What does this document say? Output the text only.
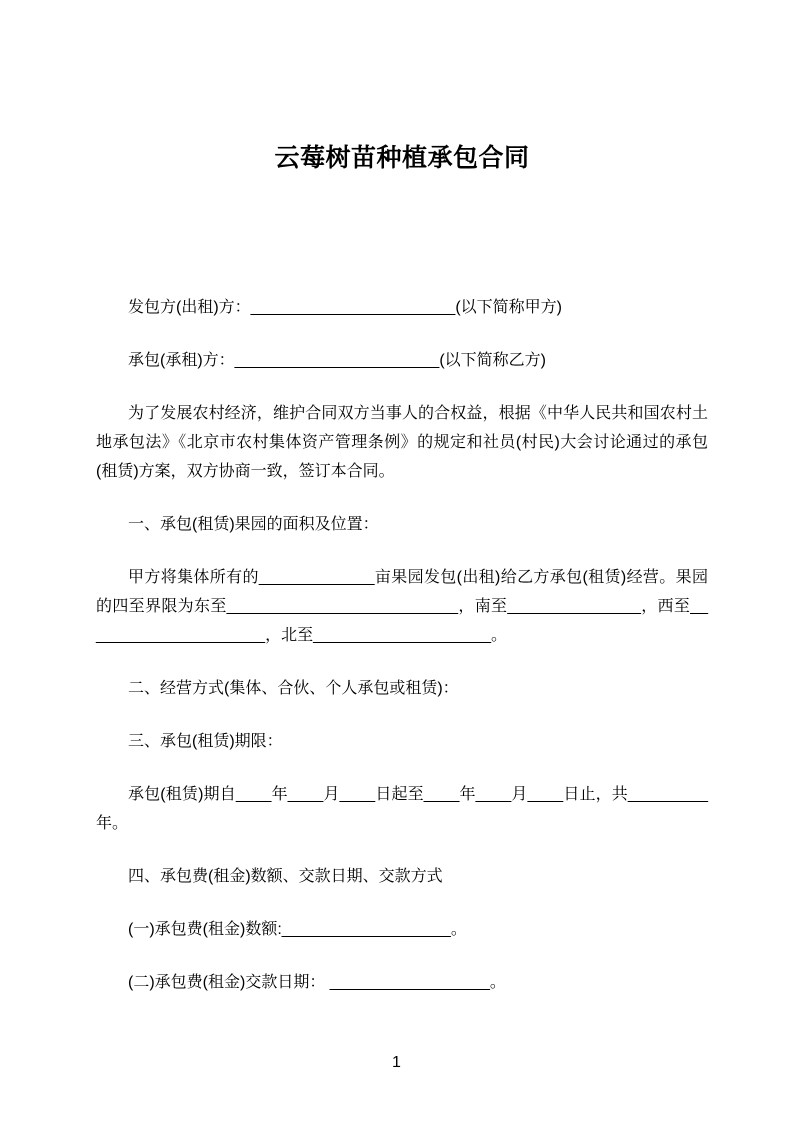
云莓树苗种植承包合同

发包方(出租)方：_______________________(以下简称甲方)

承包(承租)方：_______________________(以下简称乙方)

为了发展农村经济，维护合同双方当事人的合权益，根据《中华人民共和国农村土地承包法》《北京市农村集体资产管理条例》的规定和社员(村民)大会讨论通过的承包(租赁)方案，双方协商一致，签订本合同。

一、承包(租赁)果园的面积及位置：

甲方将集体所有的_____________亩果园发包(出租)给乙方承包(租赁)经营。果园的四至界限为东至__________________________，南至_______________，西至_____________________，北至____________________。

二、经营方式(集体、合伙、个人承包或租赁)：

三、承包(租赁)期限：

承包(租赁)期自____年____月____日起至____年____月____日止，共_________年。

四、承包费(租金)数额、交款日期、交款方式

(一)承包费(租金)数额:___________________。

(二)承包费(租金)交款日期： __________________。

1
